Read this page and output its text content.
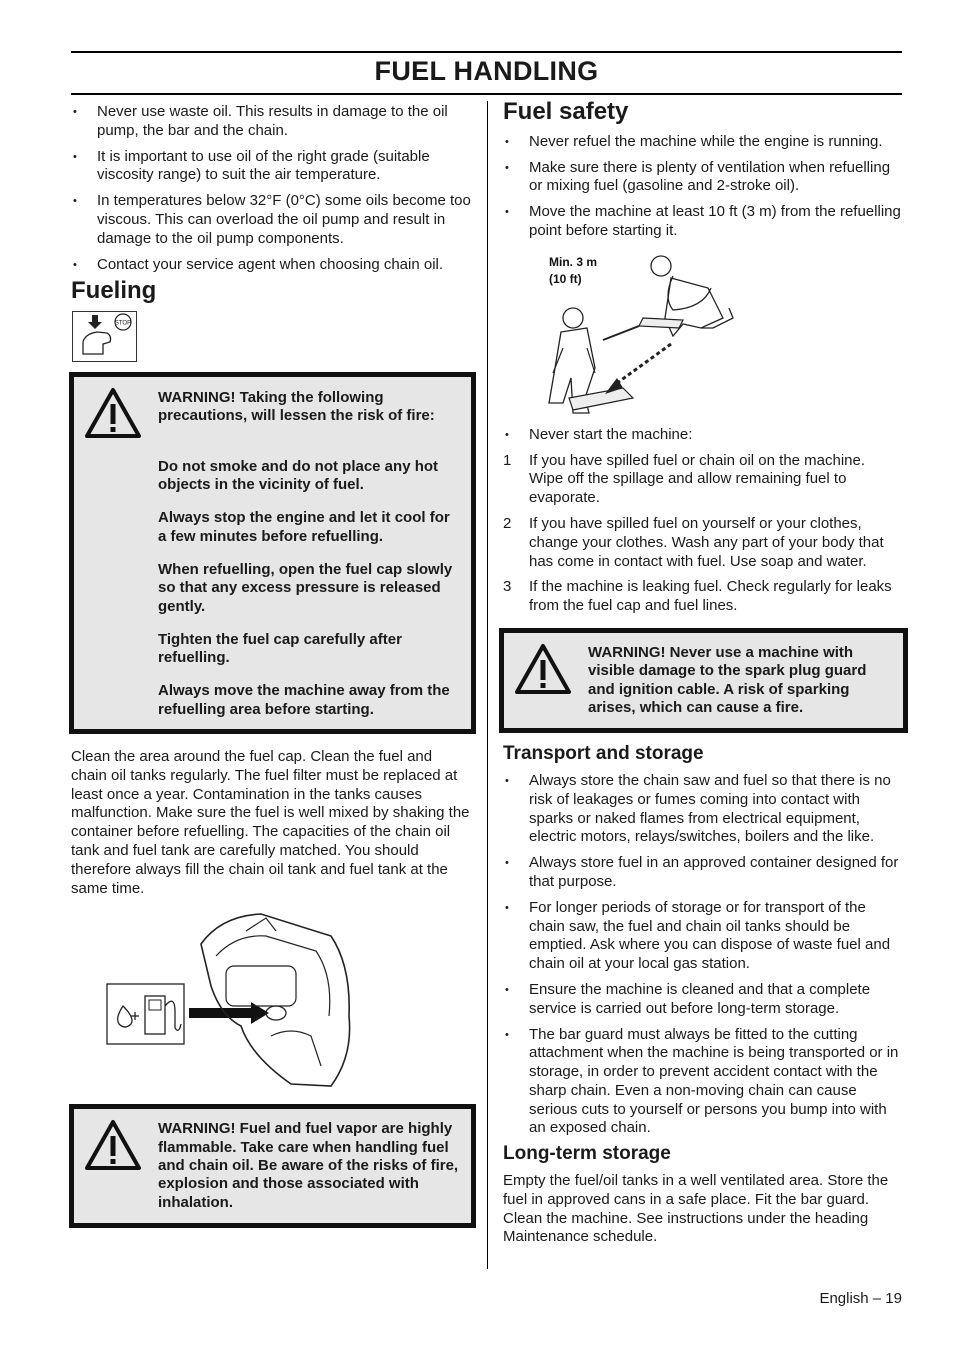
FUEL HANDLING
• Never use waste oil. This results in damage to the oil pump, the bar and the chain.
• It is important to use oil of the right grade (suitable viscosity range) to suit the air temperature.
• In temperatures below 32°F (0°C) some oils become too viscous. This can overload the oil pump and result in damage to the oil pump components.
• Contact your service agent when choosing chain oil.
Fueling
STOP

WARNING! Taking the following precautions, will lessen the risk of fire:

Do not smoke and do not place any hot objects in the vicinity of fuel.

Always stop the engine and let it cool for a few minutes before refuelling.

When refuelling, open the fuel cap slowly so that any excess pressure is released gently.

Tighten the fuel cap carefully after refuelling.

Always move the machine away from the refuelling area before starting.

Clean the area around the fuel cap. Clean the fuel and chain oil tanks regularly. The fuel filter must be replaced at least once a year. Contamination in the tanks causes malfunction. Make sure the fuel is well mixed by shaking the container before refuelling. The capacities of the chain oil tank and fuel tank are carefully matched. You should therefore always fill the chain oil tank and fuel tank at the same time.

WARNING! Fuel and fuel vapor are highly flammable. Take care when handling fuel and chain oil. Be aware of the risks of fire, explosion and those associated with inhalation.

Fuel safety
• Never refuel the machine while the engine is running.
• Make sure there is plenty of ventilation when refuelling or mixing fuel (gasoline and 2-stroke oil).
• Move the machine at least 10 ft (3 m) from the refuelling point before starting it.
Min. 3 m
(10 ft)
• Never start the machine:
1 If you have spilled fuel or chain oil on the machine. Wipe off the spillage and allow remaining fuel to evaporate.
2 If you have spilled fuel on yourself or your clothes, change your clothes. Wash any part of your body that has come in contact with fuel. Use soap and water.
3 If the machine is leaking fuel. Check regularly for leaks from the fuel cap and fuel lines.

WARNING! Never use a machine with visible damage to the spark plug guard and ignition cable. A risk of sparking arises, which can cause a fire.

Transport and storage
• Always store the chain saw and fuel so that there is no risk of leakages or fumes coming into contact with sparks or naked flames from electrical equipment, electric motors, relays/switches, boilers and the like.
• Always store fuel in an approved container designed for that purpose.
• For longer periods of storage or for transport of the chain saw, the fuel and chain oil tanks should be emptied. Ask where you can dispose of waste fuel and chain oil at your local gas station.
• Ensure the machine is cleaned and that a complete service is carried out before long-term storage.
• The bar guard must always be fitted to the cutting attachment when the machine is being transported or in storage, in order to prevent accident contact with the sharp chain. Even a non-moving chain can cause serious cuts to yourself or persons you bump into with an exposed chain.
Long-term storage

Empty the fuel/oil tanks in a well ventilated area. Store the fuel in approved cans in a safe place. Fit the bar guard. Clean the machine. See instructions under the heading Maintenance schedule.

English – 19
